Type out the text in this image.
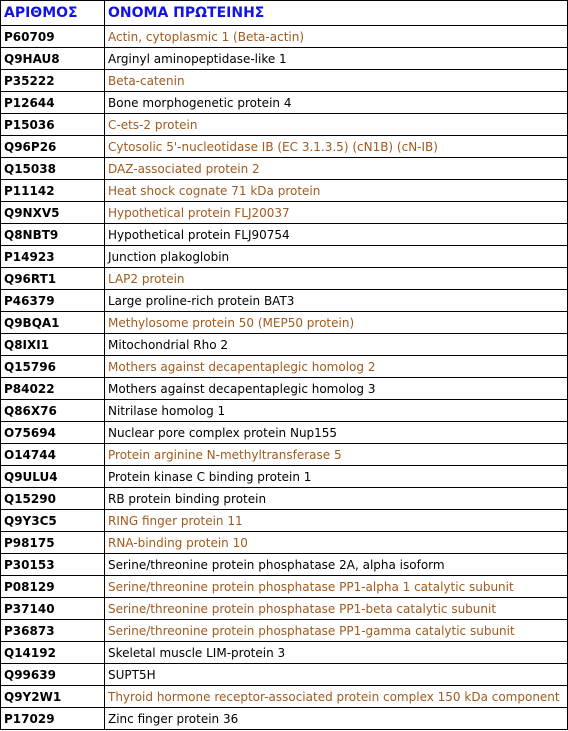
ΑΡΙΘΜΟΣ	ΟΝΟΜΑ ΠΡΩΤΕΙΝΗΣ
P60709	Actin, cytoplasmic 1 (Beta-actin)
Q9HAU8	Arginyl aminopeptidase-like 1
P35222	Beta-catenin
P12644	Bone morphogenetic protein 4
P15036	C-ets-2 protein
Q96P26	Cytosolic 5'-nucleotidase IB (EC 3.1.3.5) (cN1B) (cN-IB)
Q15038	DAZ-associated protein 2
P11142	Heat shock cognate 71 kDa protein
Q9NXV5	Hypothetical protein FLJ20037
Q8NBT9	Hypothetical protein FLJ90754
P14923	Junction plakoglobin
Q96RT1	LAP2 protein
P46379	Large proline-rich protein BAT3
Q9BQA1	Methylosome protein 50 (MEP50 protein)
Q8IXI1	Mitochondrial Rho 2
Q15796	Mothers against decapentaplegic homolog 2
P84022	Mothers against decapentaplegic homolog 3
Q86X76	Nitrilase homolog 1
O75694	Nuclear pore complex protein Nup155
O14744	Protein arginine N-methyltransferase 5
Q9ULU4	Protein kinase C binding protein 1
Q15290	RB protein binding protein
Q9Y3C5	RING finger protein 11
P98175	RNA-binding protein 10
P30153	Serine/threonine protein phosphatase 2A, alpha isoform
P08129	Serine/threonine protein phosphatase PP1-alpha 1 catalytic subunit
P37140	Serine/threonine protein phosphatase PP1-beta catalytic subunit
P36873	Serine/threonine protein phosphatase PP1-gamma catalytic subunit
Q14192	Skeletal muscle LIM-protein 3
Q99639	SUPT5H
Q9Y2W1	Thyroid hormone receptor-associated protein complex 150 kDa component
P17029	Zinc finger protein 36
